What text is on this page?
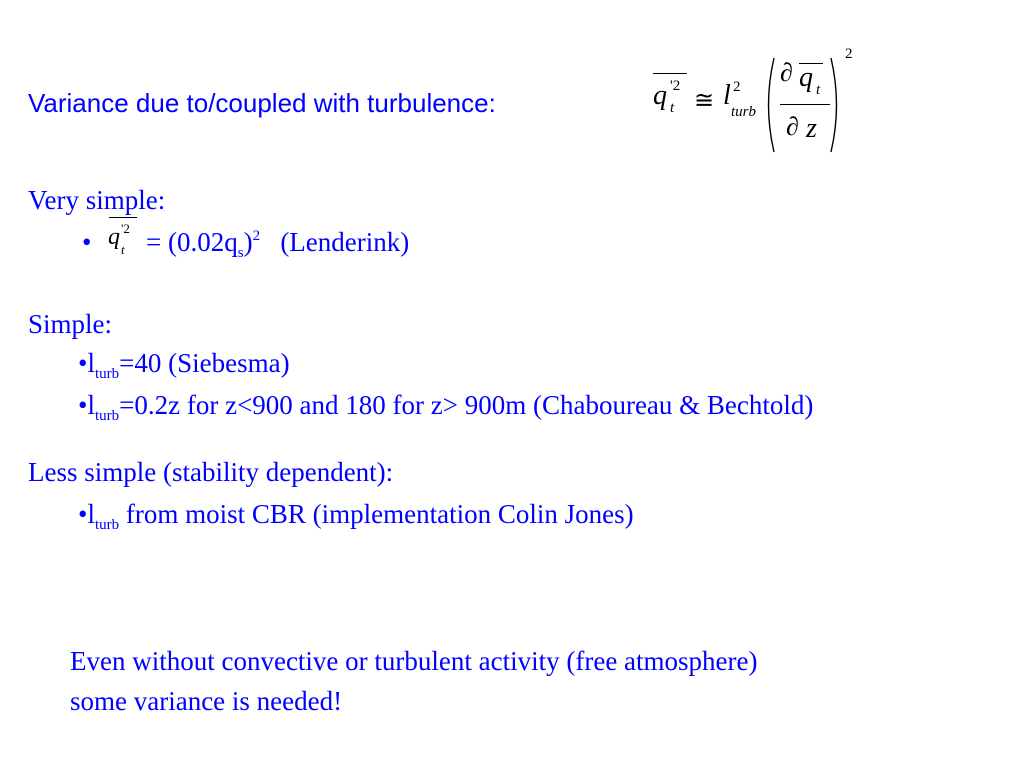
Variance due to/coupled with turbulence:	q t
'2
≅ l 2
turb
∂ q t
∂ z
2
Very simple:
• q t
'$2 = (0.02q_s)^2$ (Lenderink)
Simple:
$•l_{turb}=40$ (Siebesma)
$•l_{turb}=0.2z$ for z<900 and 180 for z> 900m (Chaboureau & Bechtold)
Less simple (stability dependent):
$•l_{turb}$ from moist CBR (implementation Colin Jones)
Even without convective or turbulent activity (free atmosphere)
some variance is needed!
